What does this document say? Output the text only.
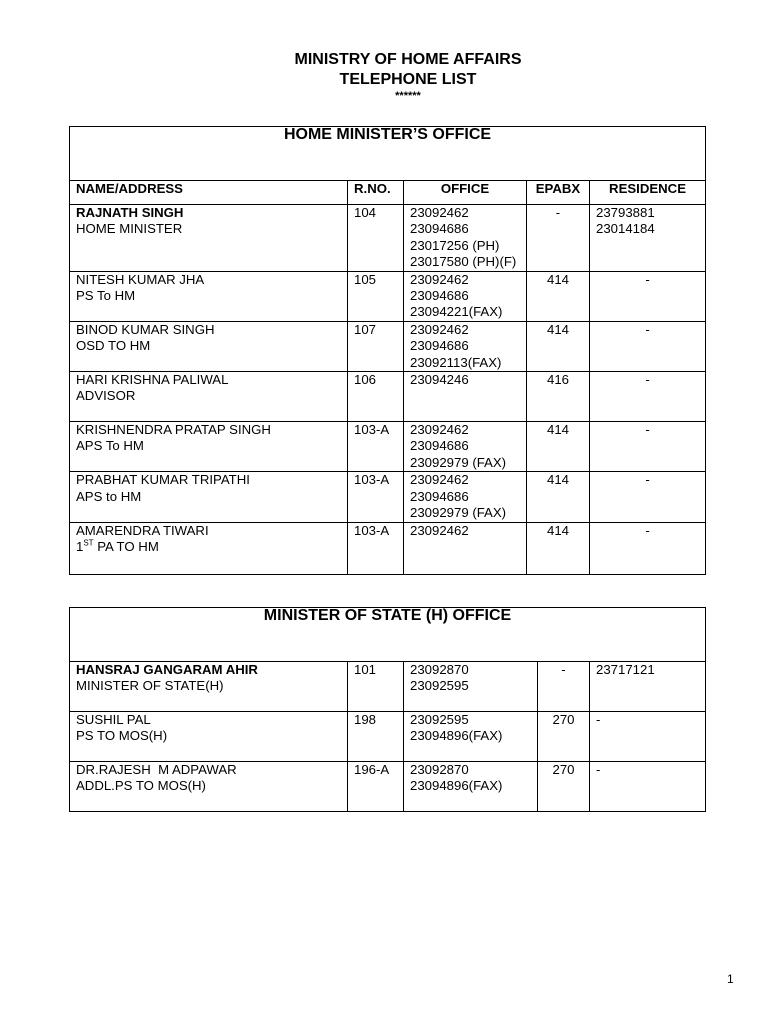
MINISTRY OF HOME AFFAIRS
TELEPHONE LIST
******
HOME MINISTER’S OFFICE				
NAME/ADDRESS	R.NO.	OFFICE	EPABX	RESIDENCE

RAJNATH SINGH
HOME MINISTER	104	23092462
23094686
23017256 (PH)
23017580 (PH)(F)	-	23793881
23014184

NITESH KUMAR JHA
PS To HM	105	23092462
23094686
23094221(FAX)	414	-

BINOD KUMAR SINGH
OSD TO HM	107	23092462
23094686
23092113(FAX)	414	-

HARI KRISHNA PALIWAL
ADVISOR	106	23094246	416	-

KRISHNENDRA PRATAP SINGH
APS To HM	103-A	23092462
23094686
23092979 (FAX)	414	-

PRABHAT KUMAR TRIPATHI
APS to HM	103-A	23092462
23094686
23092979 (FAX)	414	-

AMARENDRA TIWARI
1ST PA TO HM	103-A	23092462	414	-
MINISTER OF STATE (H) OFFICE				

HANSRAJ GANGARAM AHIR
MINISTER OF STATE(H)	101	23092870
23092595	-	23717121

SUSHIL PAL
PS TO MOS(H)	198	23092595
23094896(FAX)	270	-

DR.RAJESH  M ADPAWAR
ADDL.PS TO MOS(H)	196-A	23092870
23094896(FAX)	270	-
1
